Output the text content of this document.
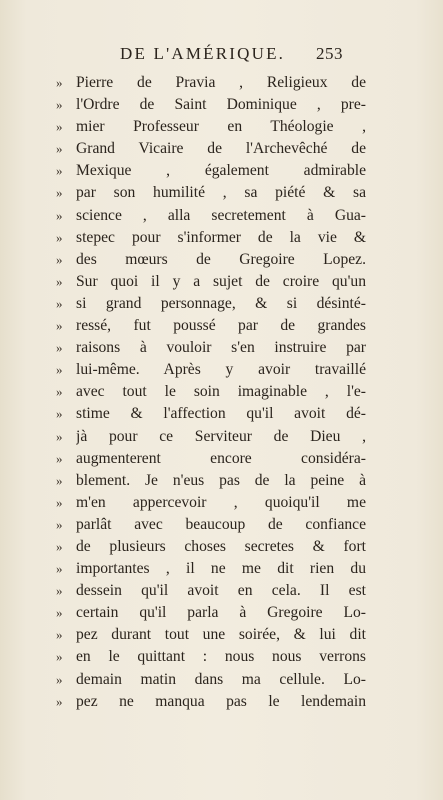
DE L'AMÉRIQUE. 253
» Pierre de Pravia , Religieux de
» l'Ordre de Saint Dominique , pre-
» mier Professeur en Théologie ,
» Grand Vicaire de l'Archevêché de
» Mexique , également admirable
» par son humilité , sa piété & sa
» science , alla secretement à Gua-
» stepec pour s'informer de la vie &
» des mœurs de Gregoire Lopez.
» Sur quoi il y a sujet de croire qu'un
» si grand personnage, & si désinté-
» ressé, fut poussé par de grandes
» raisons à vouloir s'en instruire par
» lui-même. Après y avoir travaillé
» avec tout le soin imaginable , l'e-
» stime & l'affection qu'il avoit dé-
» jà pour ce Serviteur de Dieu ,
» augmenterent encore considéra-
» blement. Je n'eus pas de la peine à
» m'en appercevoir , quoiqu'il me
» parlât avec beaucoup de confiance
» de plusieurs choses secretes & fort
» importantes , il ne me dit rien du
» dessein qu'il avoit en cela. Il est
» certain qu'il parla à Gregoire Lo-
» pez durant tout une soirée, & lui dit
» en le quittant : nous nous verrons
» demain matin dans ma cellule. Lo-
» pez ne manqua pas le lendemain
